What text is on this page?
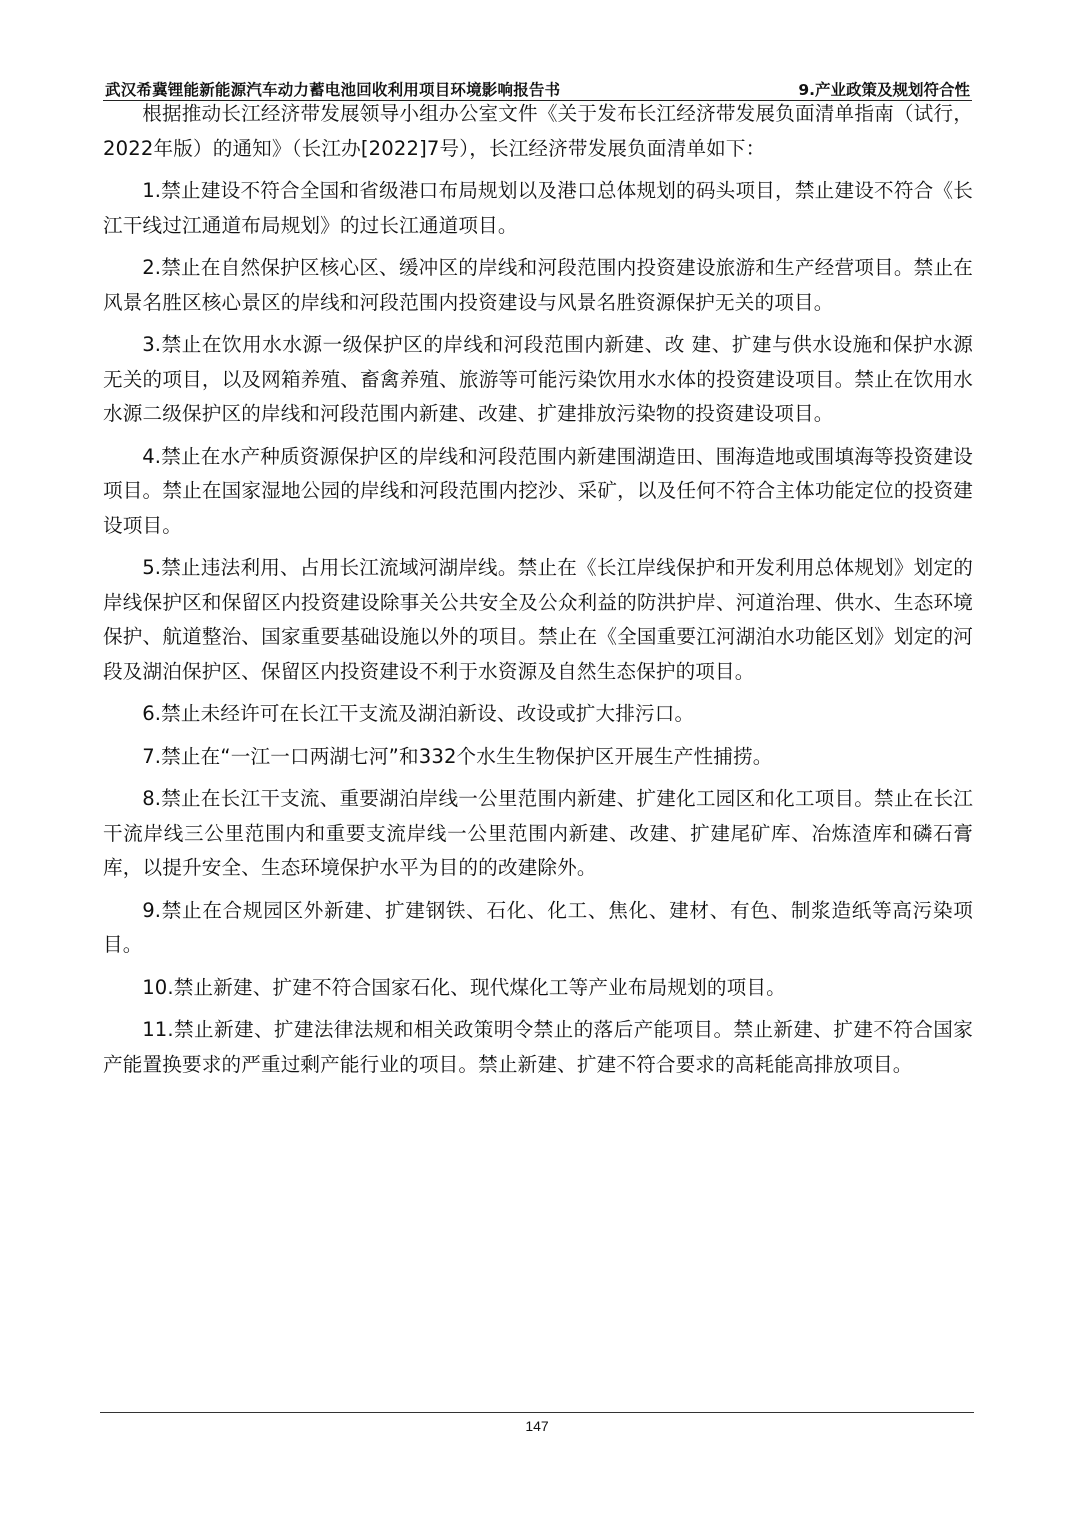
武汉希冀锂能新能源汽车动力蓄电池回收利用项目环境影响报告书	9.产业政策及规划符合性

根据推动长江经济带发展领导小组办公室文件《关于发布长江经济带发展负面清单指南（试行，2022年版）的通知》（长江办[2022]7号），长江经济带发展负面清单如下：

1.禁止建设不符合全国和省级港口布局规划以及港口总体规划的码头项目，禁止建设不符合《长江干线过江通道布局规划》的过长江通道项目。

2.禁止在自然保护区核心区、缓冲区的岸线和河段范围内投资建设旅游和生产经营项目。禁止在风景名胜区核心景区的岸线和河段范围内投资建设与风景名胜资源保护无关的项目。

3.禁止在饮用水水源一级保护区的岸线和河段范围内新建、改 建、扩建与供水设施和保护水源无关的项目，以及网箱养殖、畜禽养殖、旅游等可能污染饮用水水体的投资建设项目。禁止在饮用水水源二级保护区的岸线和河段范围内新建、改建、扩建排放污染物的投资建设项目。

4.禁止在水产种质资源保护区的岸线和河段范围内新建围湖造田、围海造地或围填海等投资建设项目。禁止在国家湿地公园的岸线和河段范围内挖沙、采矿，以及任何不符合主体功能定位的投资建设项目。

5.禁止违法利用、占用长江流域河湖岸线。禁止在《长江岸线保护和开发利用总体规划》划定的岸线保护区和保留区内投资建设除事关公共安全及公众利益的防洪护岸、河道治理、供水、生态环境保护、航道整治、国家重要基础设施以外的项目。禁止在《全国重要江河湖泊水功能区划》划定的河段及湖泊保护区、保留区内投资建设不利于水资源及自然生态保护的项目。

6.禁止未经许可在长江干支流及湖泊新设、改设或扩大排污口。

7.禁止在“一江一口两湖七河”和332个水生生物保护区开展生产性捕捞。

8.禁止在长江干支流、重要湖泊岸线一公里范围内新建、扩建化工园区和化工项目。禁止在长江干流岸线三公里范围内和重要支流岸线一公里范围内新建、改建、扩建尾矿库、冶炼渣库和磷石膏库，以提升安全、生态环境保护水平为目的的改建除外。

9.禁止在合规园区外新建、扩建钢铁、石化、化工、焦化、建材、有色、制浆造纸等高污染项目。

10.禁止新建、扩建不符合国家石化、现代煤化工等产业布局规划的项目。

11.禁止新建、扩建法律法规和相关政策明令禁止的落后产能项目。禁止新建、扩建不符合国家产能置换要求的严重过剩产能行业的项目。禁止新建、扩建不符合要求的高耗能高排放项目。

147
